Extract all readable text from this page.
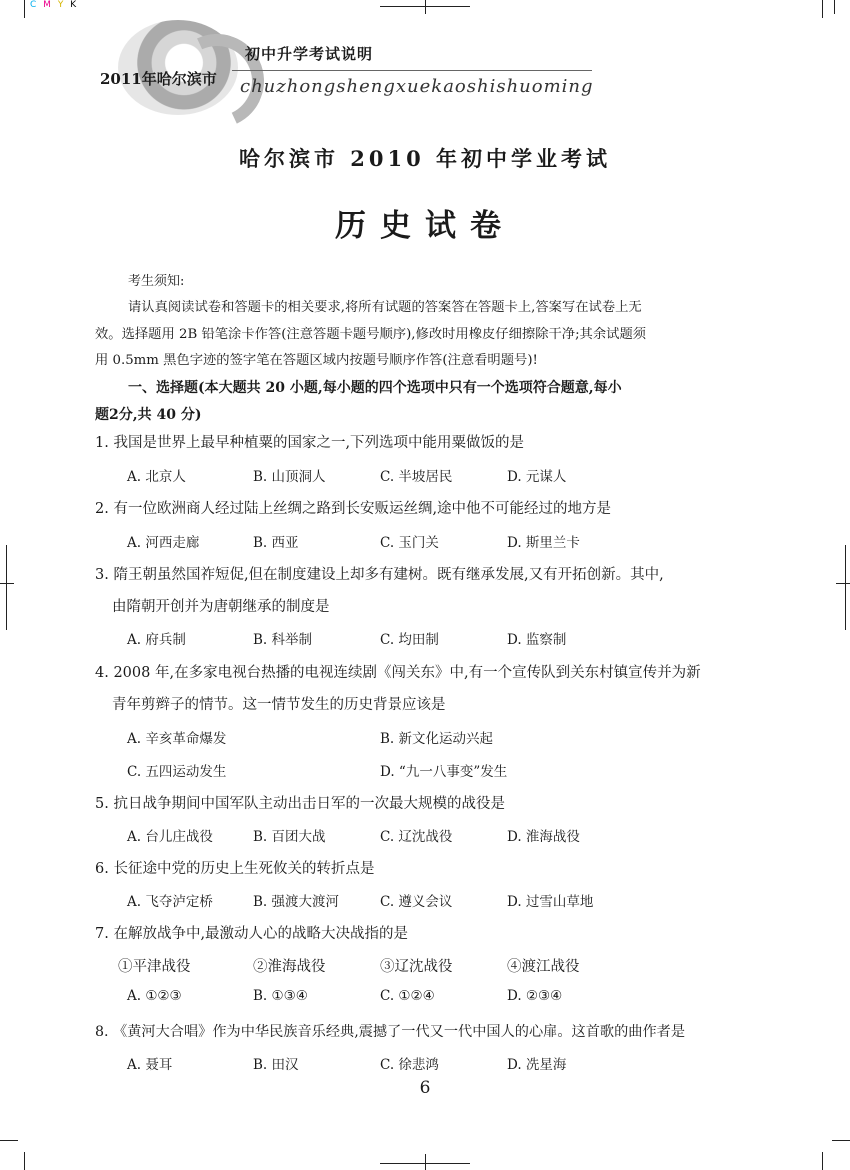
C M Y K
2011年哈尔滨市
初中升学考试说明
chuzhongshengxuekaoshishuoming
哈尔滨市 2010 年初中学业考试
历史试卷
考生须知:
请认真阅读试卷和答题卡的相关要求,将所有试题的答案答在答题卡上,答案写在试卷上无
效。选择题用 2B 铅笔涂卡作答(注意答题卡题号顺序),修改时用橡皮仔细擦除干净;其余试题须
用 0.5mm 黑色字迹的签字笔在答题区域内按题号顺序作答(注意看明题号)!
一、选择题(本大题共 20 小题,每小题的四个选项中只有一个选项符合题意,每小
题2分,共 40 分)
1. 我国是世界上最早种植粟的国家之一,下列选项中能用粟做饭的是
A. 北京人	B. 山顶洞人	C. 半坡居民	D. 元谋人
2. 有一位欧洲商人经过陆上丝绸之路到长安贩运丝绸,途中他不可能经过的地方是
A. 河西走廊	B. 西亚	C. 玉门关	D. 斯里兰卡
3. 隋王朝虽然国祚短促,但在制度建设上却多有建树。既有继承发展,又有开拓创新。其中,
由隋朝开创并为唐朝继承的制度是
A. 府兵制	B. 科举制	C. 均田制	D. 监察制
4. 2008 年,在多家电视台热播的电视连续剧《闯关东》中,有一个宣传队到关东村镇宣传并为新
青年剪辫子的情节。这一情节发生的历史背景应该是
A. 辛亥革命爆发	B. 新文化运动兴起
C. 五四运动发生	D. “九一八事变”发生
5. 抗日战争期间中国军队主动出击日军的一次最大规模的战役是
A. 台儿庄战役	B. 百团大战	C. 辽沈战役	D. 淮海战役
6. 长征途中党的历史上生死攸关的转折点是
A. 飞夺泸定桥	B. 强渡大渡河	C. 遵义会议	D. 过雪山草地
7. 在解放战争中,最激动人心的战略大决战指的是
①平津战役	②淮海战役	③辽沈战役	④渡江战役
A. ①②③	B. ①③④	C. ①②④	D. ②③④
8. 《黄河大合唱》作为中华民族音乐经典,震撼了一代又一代中国人的心扉。这首歌的曲作者是
A. 聂耳	B. 田汉	C. 徐悲鸿	D. 冼星海
6
